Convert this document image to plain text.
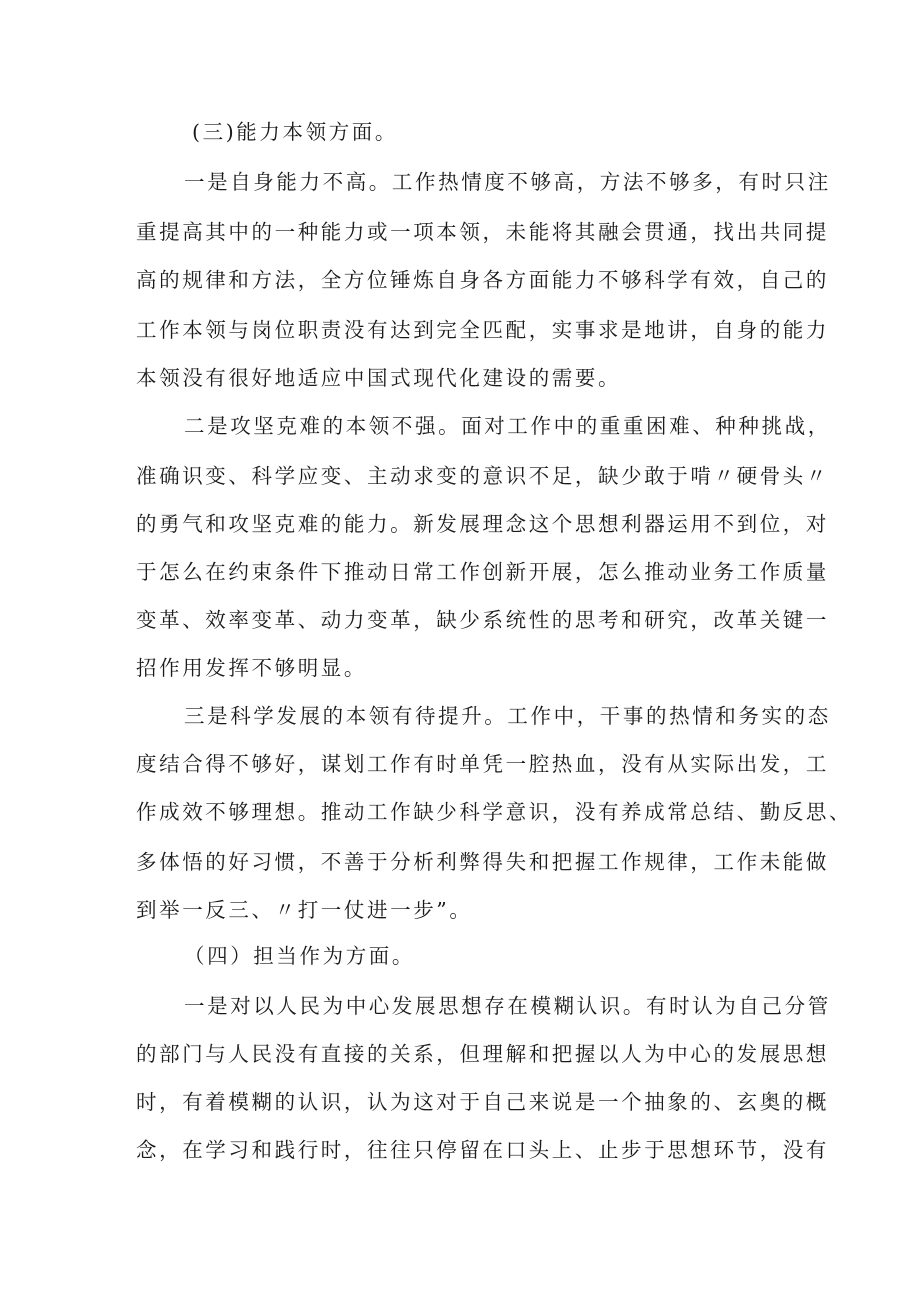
(三)能力本领方面。
一是自身能力不高。工作热情度不够高，方法不够多，有时只注
重提高其中的一种能力或一项本领，未能将其融会贯通，找出共同提
高的规律和方法，全方位锤炼自身各方面能力不够科学有效，自己的
工作本领与岗位职责没有达到完全匹配，实事求是地讲，自身的能力
本领没有很好地适应中国式现代化建设的需要。
二是攻坚克难的本领不强。面对工作中的重重困难、种种挑战，
准确识变、科学应变、主动求变的意识不足，缺少敢于啃〃硬骨头〃
的勇气和攻坚克难的能力。新发展理念这个思想利器运用不到位，对
于怎么在约束条件下推动日常工作创新开展，怎么推动业务工作质量
变革、效率变革、动力变革，缺少系统性的思考和研究，改革关键一
招作用发挥不够明显。
三是科学发展的本领有待提升。工作中，干事的热情和务实的态
度结合得不够好，谋划工作有时单凭一腔热血，没有从实际出发，工
作成效不够理想。推动工作缺少科学意识，没有养成常总结、勤反思、
多体悟的好习惯，不善于分析利弊得失和把握工作规律，工作未能做
到举一反三、〃打一仗进一步”。
（四）担当作为方面。
一是对以人民为中心发展思想存在模糊认识。有时认为自己分管
的部门与人民没有直接的关系，但理解和把握以人为中心的发展思想
时，有着模糊的认识，认为这对于自己来说是一个抽象的、玄奥的概
念，在学习和践行时，往往只停留在口头上、止步于思想环节，没有
